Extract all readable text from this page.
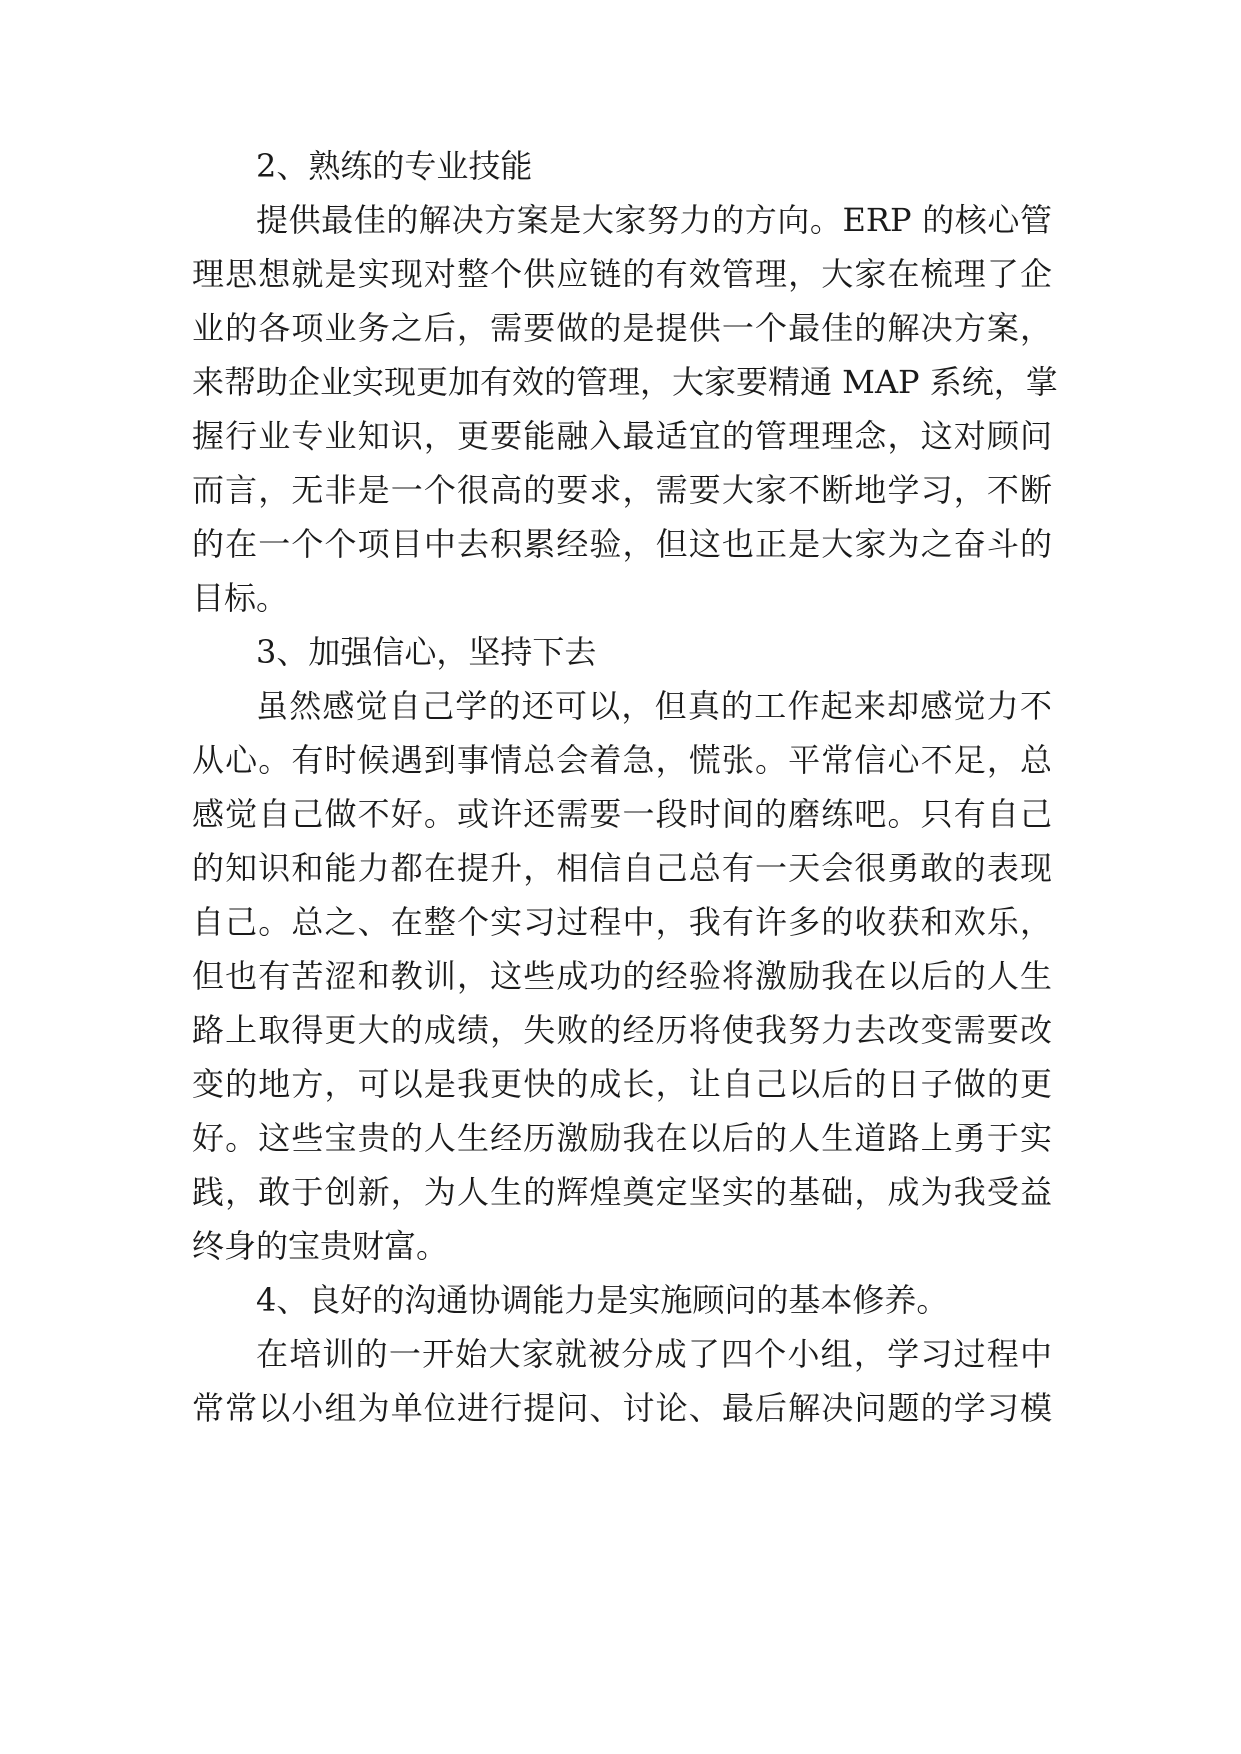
2、熟练的专业技能
提供最佳的解决方案是大家努力的方向。ERP 的核心管
理思想就是实现对整个供应链的有效管理，大家在梳理了企
业的各项业务之后，需要做的是提供一个最佳的解决方案，
来帮助企业实现更加有效的管理，大家要精通 MAP 系统，掌
握行业专业知识，更要能融入最适宜的管理理念，这对顾问
而言，无非是一个很高的要求，需要大家不断地学习，不断
的在一个个项目中去积累经验，但这也正是大家为之奋斗的
目标。
3、加强信心，坚持下去
虽然感觉自己学的还可以，但真的工作起来却感觉力不
从心。有时候遇到事情总会着急，慌张。平常信心不足，总
感觉自己做不好。或许还需要一段时间的磨练吧。只有自己
的知识和能力都在提升，相信自己总有一天会很勇敢的表现
自己。总之、在整个实习过程中，我有许多的收获和欢乐，
但也有苦涩和教训，这些成功的经验将激励我在以后的人生
路上取得更大的成绩，失败的经历将使我努力去改变需要改
变的地方，可以是我更快的成长，让自己以后的日子做的更
好。这些宝贵的人生经历激励我在以后的人生道路上勇于实
践，敢于创新，为人生的辉煌奠定坚实的基础，成为我受益
终身的宝贵财富。
4、良好的沟通协调能力是实施顾问的基本修养。
在培训的一开始大家就被分成了四个小组，学习过程中
常常以小组为单位进行提问、讨论、最后解决问题的学习模
